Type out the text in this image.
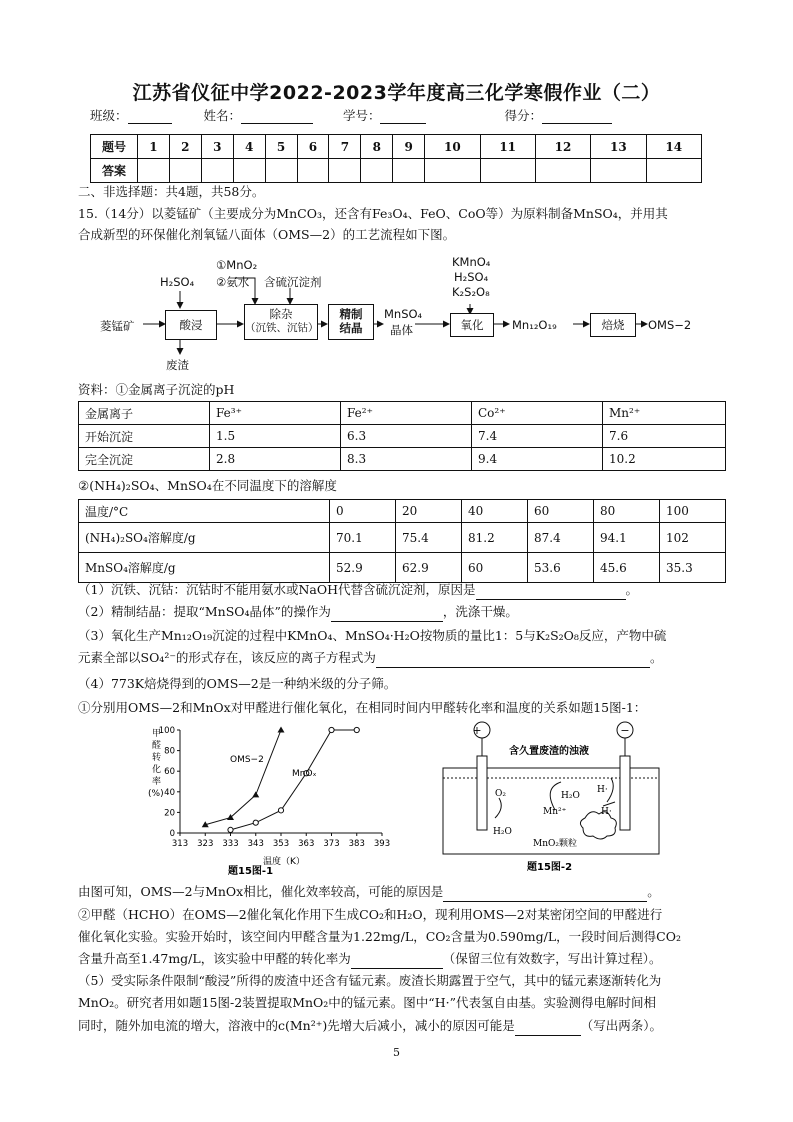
江苏省仪征中学2022-2023学年度高三化学寒假作业（二）
班级：	姓名：	学号：	得分：
题号	1	2	3	4	5	6	7	8	9	10	11	12	13	14
答案														
二、非选择题：共4题，共58分。
15.（14分）以菱锰矿（主要成分为MnCO₃，还含有Fe₃O₄、FeO、CoO等）为原料制备MnSO₄，并用其
合成新型的环保催化剂氧锰八面体（OMS—2）的工艺流程如下图。
菱锰矿
H₂SO₄
酸浸
废渣
①MnO₂
②氨水 含硫沉淀剂
除杂
（沉铁、沉钴）
精制
结晶
MnSO₄
晶体
KMnO₄
H₂SO₄
K₂S₂O₈
氧化	Mn₁₂O₁₉	焙烧	OMS−2
资料：①金属离子沉淀的pH
金属离子	Fe³⁺	Fe²⁺	Co²⁺	Mn²⁺
开始沉淀	1.5	6.3	7.4	7.6
完全沉淀	2.8	8.3	9.4	10.2
②(NH₄)₂SO₄、MnSO₄在不同温度下的溶解度
温度/°C	0	20	40	60	80	100
(NH₄)₂SO₄溶解度/g	70.1	75.4	81.2	87.4	94.1	102
MnSO₄溶解度/g	52.9	62.9	60	53.6	45.6	35.3
（1）沉铁、沉钴：沉钴时不能用氨水或NaOH代替含硫沉淀剂，原因是	。
（2）精制结晶：提取“MnSO₄晶体”的操作为	，洗涤干燥。
（3）氧化生产Mn₁₂O₁₉沉淀的过程中KMnO₄、MnSO₄·H₂O按物质的量比1：5与K₂S₂O₈反应，产物中硫
元素全部以SO₄²⁻的形式存在，该反应的离子方程式为	。
（4）773K焙烧得到的OMS—2是一种纳米级的分子筛。
①分别用OMS—2和MnOx对甲醛进行催化氧化，在相同时间内甲醛转化率和温度的关系如题15图-1：
313 323 333 343 353 363 373 383 393
0
20
40
60
80
100
甲
醛
转
化
率
(%)
OMS−2
MnOₓ
温度（K）
题15图-1
+	−
含久置废渣的浊液
O₂
H₂O
H₂O
Mn²⁺
H·
H·
MnO₂颗粒
题15图-2
由图可知，OMS—2与MnOx相比，催化效率较高，可能的原因是	。
②甲醛（HCHO）在OMS—2催化氧化作用下生成CO₂和H₂O，现利用OMS—2对某密闭空间的甲醛进行
催化氧化实验。实验开始时，该空间内甲醛含量为1.22mg/L，CO₂含量为0.590mg/L，一段时间后测得CO₂
含量升高至1.47mg/L，该实验中甲醛的转化率为	（保留三位有效数字，写出计算过程）。
（5）受实际条件限制“酸浸”所得的废渣中还含有锰元素。废渣长期露置于空气，其中的锰元素逐渐转化为
MnO₂。研究者用如题15图-2装置提取MnO₂中的锰元素。图中“H·”代表氢自由基。实验测得电解时间相
同时，随外加电流的增大，溶液中的c(Mn²⁺)先增大后减小，减小的原因可能是	（写出两条）。
5
